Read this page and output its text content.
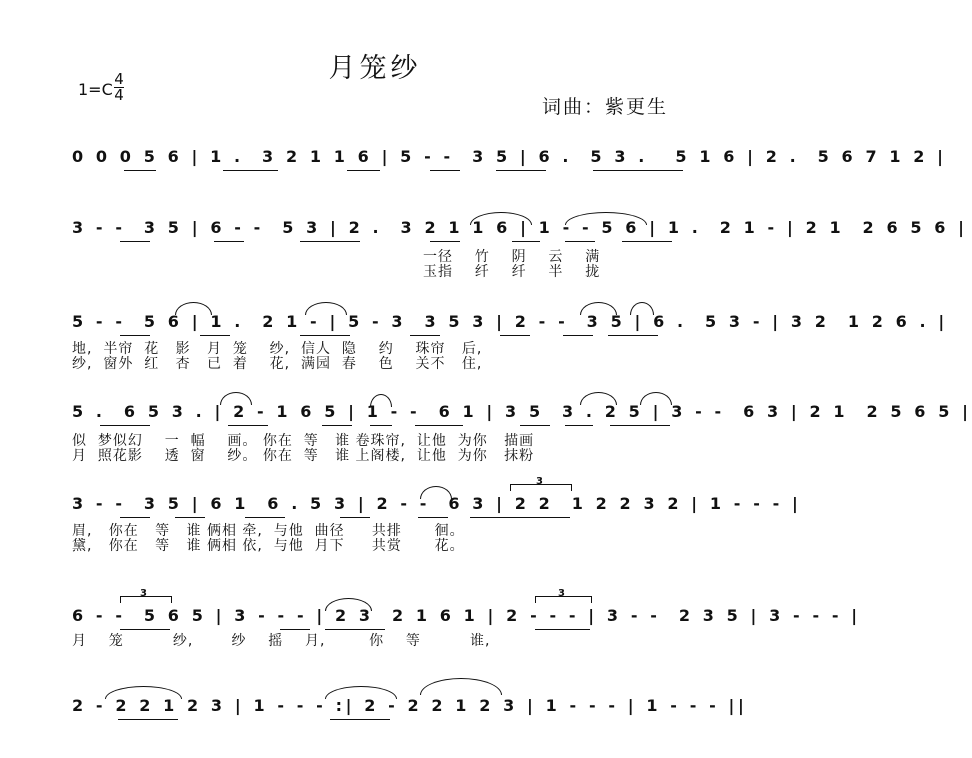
月笼纱
1=C
4
4
词曲：紫更生
0 0 0 5 6 | 1 .  3 2 1 1 6 | 5 - -  3 5 | 6 .  5 3 .   5 1 6 | 2 .  5 6 7 1 2 |
3 - -  3 5 | 6 - -  5 3 | 2 .  3 2 1 1 6 | 1 - - 5 6 | 1 .  2 1 - | 2 1  2 6 5 6 |
一径    竹    阴    云    满
玉指    纤    纤    半    拢
5 - -  5 6 | 1 .  2 1 - | 5 - 3  3 5 3 | 2 - -  3 5 | 6 .  5 3 - | 3 2  1 2 6 . |
地,  半帘  花   影   月  笼    纱,  信人  隐    约    珠帘   后,
纱,  窗外  红   杏   已  着    花,  满园  春    色    关不   住,
5 .  6 5 3 . | 2 - 1 6 5 | 1 - -  6 1 | 3 5  3 . 2 5 | 3 - -  6 3 | 2 1  2 5 6 5 |
似  梦似幻    一  幅    画。 你在  等   谁 卷珠帘,  让他  为你   描画
月  照花影    透  窗    纱。 你在  等   谁 上阁楼,  让他  为你   抹粉
3 - -  3 5 | 6 1  6 . 5 3 | 2 - -  6 3 | 2 2  1 2 2 3 2 | 1 - - - |
3
眉,   你在   等   谁 俩相 牵,  与他  曲径     共排      徊。
黛,   你在   等   谁 俩相 依,  与他  月下     共赏      花。
6 - -  5 6 5 | 3 - - - | 2 3  2 1 6 1 | 2 - - - | 3 - -  2 3 5 | 3 - - - |
3	3
月    笼         纱,       纱    摇    月,        你    等         谁,
2 - 2 2 1 2 3 | 1 - - - :| 2 - 2 2 1 2 3 | 1 - - - | 1 - - - ||
